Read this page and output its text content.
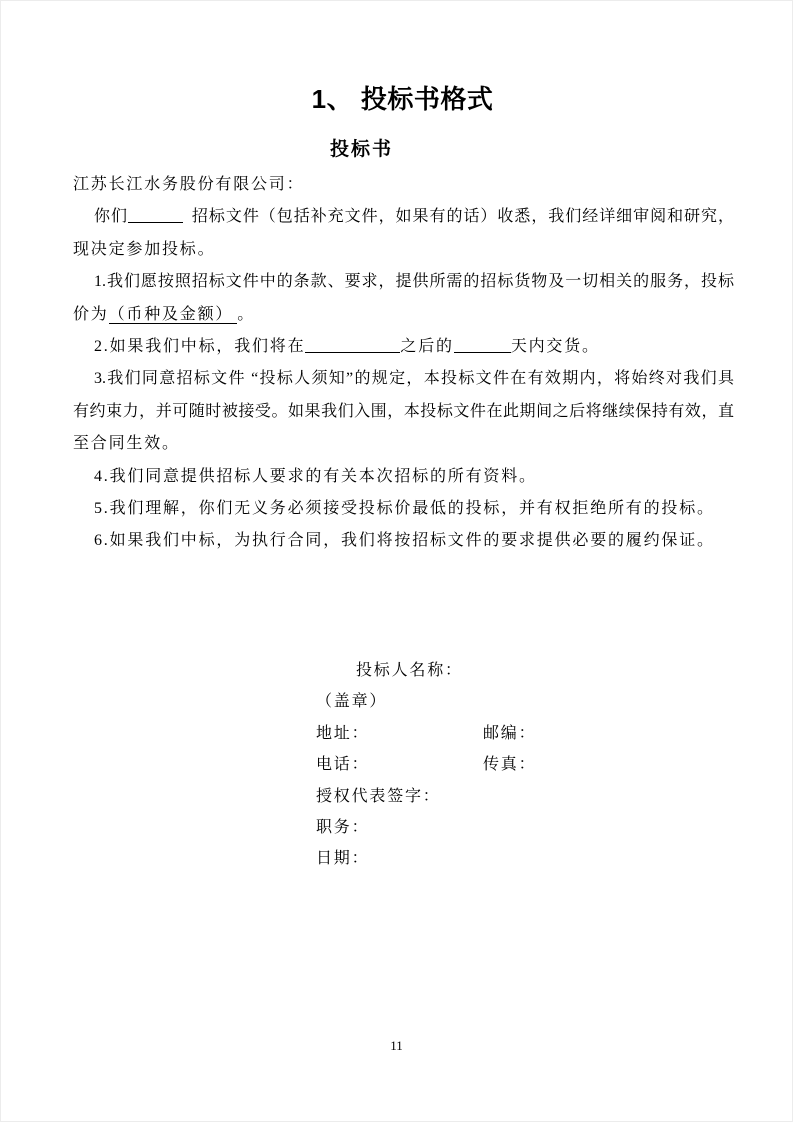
1、 投标书格式
投标书
江苏长江水务股份有限公司：
你们	招标文件（包括补充文件，如果有的话）收悉，我们经详细审阅和研究，
现决定参加投标。
1.我们愿按照招标文件中的条款、要求，提供所需的招标货物及一切相关的服务，投标
价为（币种及金额） 。
2.如果我们中标，我们将在	之后的	天内交货。
3.我们同意招标文件 “投标人须知”的规定，本投标文件在有效期内，将始终对我们具
有约束力，并可随时被接受。如果我们入围，本投标文件在此期间之后将继续保持有效，直
至合同生效。
4.我们同意提供招标人要求的有关本次招标的所有资料。
5.我们理解，你们无义务必须接受投标价最低的投标，并有权拒绝所有的投标。
6.如果我们中标，为执行合同，我们将按招标文件的要求提供必要的履约保证。
投标人名称：
（盖章）
地址：	邮编：
电话：	传真：
授权代表签字：
职务：
日期：
11
